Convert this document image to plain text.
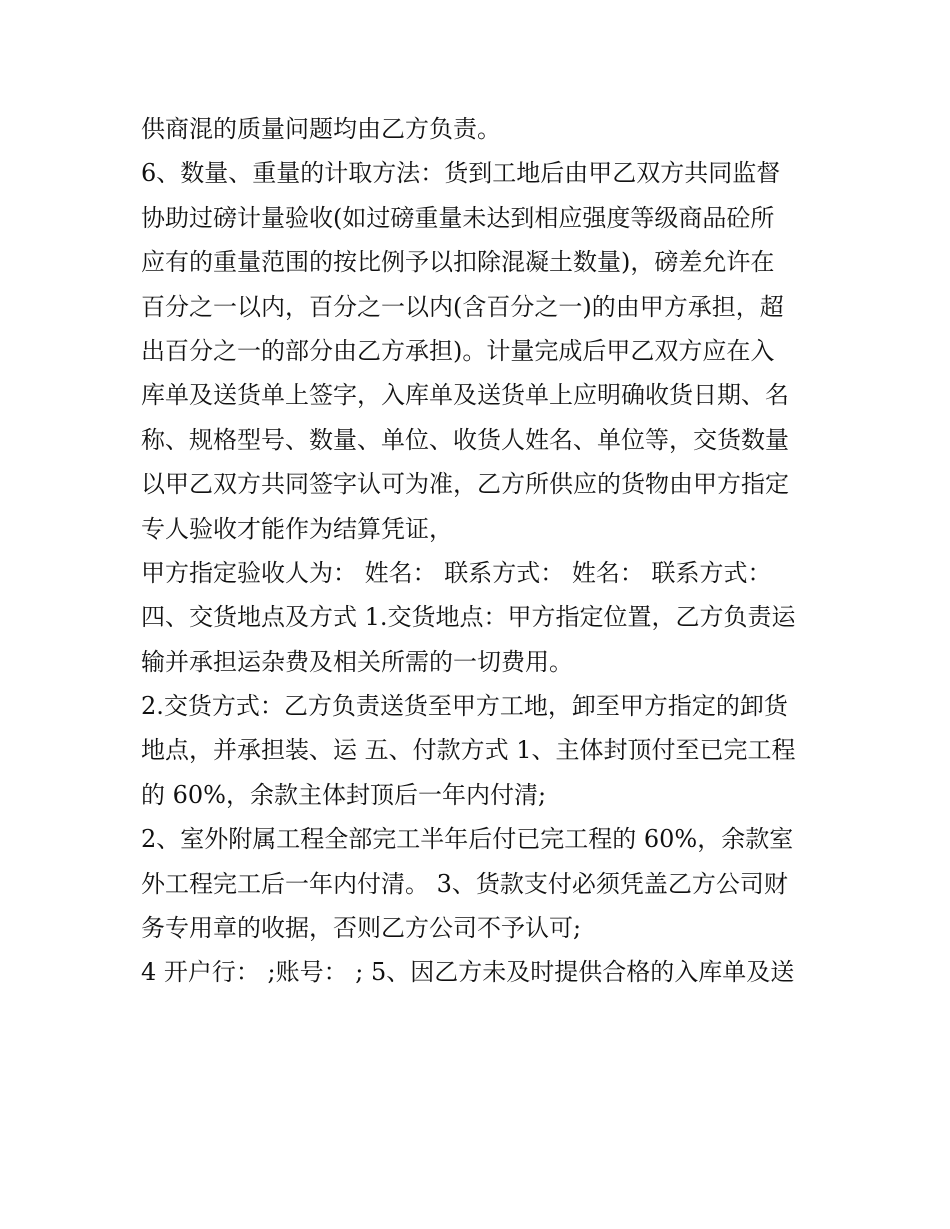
供商混的质量问题均由乙方负责。
6、数量、重量的计取方法：货到工地后由甲乙双方共同监督
协助过磅计量验收(如过磅重量未达到相应强度等级商品砼所
应有的重量范围的按比例予以扣除混凝土数量)，磅差允许在
百分之一以内，百分之一以内(含百分之一)的由甲方承担，超
出百分之一的部分由乙方承担)。计量完成后甲乙双方应在入
库单及送货单上签字，入库单及送货单上应明确收货日期、名
称、规格型号、数量、单位、收货人姓名、单位等，交货数量
以甲乙双方共同签字认可为准，乙方所供应的货物由甲方指定
专人验收才能作为结算凭证，
甲方指定验收人为： 姓名： 联系方式： 姓名： 联系方式：
四、交货地点及方式 1.交货地点：甲方指定位置，乙方负责运
输并承担运杂费及相关所需的一切费用。
2.交货方式：乙方负责送货至甲方工地，卸至甲方指定的卸货
地点，并承担装、运 五、付款方式 1、主体封顶付至已完工程
的 60%，余款主体封顶后一年内付清;
2、室外附属工程全部完工半年后付已完工程的 60%，余款室
外工程完工后一年内付清。 3、货款支付必须凭盖乙方公司财
务专用章的收据，否则乙方公司不予认可;
4 开户行： ;账号： ; 5、因乙方未及时提供合格的入库单及送
